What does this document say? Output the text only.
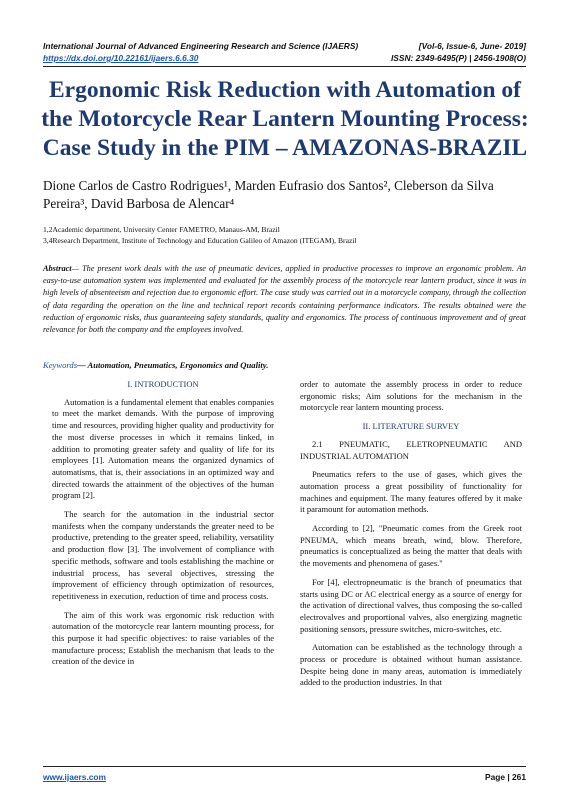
International Journal of Advanced Engineering Research and Science (IJAERS)	[Vol-6, Issue-6, June- 2019]
https://dx.doi.org/10.22161/ijaers.6.6.30	ISSN: 2349-6495(P) | 2456-1908(O)
Ergonomic Risk Reduction with Automation of the Motorcycle Rear Lantern Mounting Process: Case Study in the PIM – AMAZONAS-BRAZIL
Dione Carlos de Castro Rodrigues¹, Marden Eufrasio dos Santos², Cleberson da Silva Pereira³, David Barbosa de Alencar⁴
1,2Academic department, University Center FAMETRO, Manaus-AM, Brazil
3,4Research Department, Institute of Technology and Education Galileo of Amazon (ITEGAM), Brazil
Abstract— The present work deals with the use of pneumatic devices, applied in productive processes to improve an ergonomic problem. An easy-to-use automation system was implemented and evaluated for the assembly process of the motorcycle rear lantern product, since it was in high levels of absenteeism and rejection due to ergonomic effort. The case study was carried out in a motorcycle company, through the collection of data regarding the operation on the line and technical report records containing performance indicators. The results obtained were the reduction of ergonomic risks, thus guaranteeing safety standards, quality and ergonomics. The process of continuous improvement and of great relevance for both the company and the employees involved.
Keywords— Automation, Pneumatics, Ergonomics and Quality.
I. INTRODUCTION

Automation is a fundamental element that enables companies to meet the market demands. With the purpose of improving time and resources, providing higher quality and productivity for the most diverse processes in which it remains linked, in addition to promoting greater safety and quality of life for its employees [1]. Automation means the organized dynamics of automatisms, that is, their associations in an optimized way and directed towards the attainment of the objectives of the human program [2].

The search for the automation in the industrial sector manifests when the company understands the greater need to be productive, pretending to the greater speed, reliability, versatility and production flow [3]. The involvement of compliance with specific methods, software and tools establishing the machine or industrial process, has several objectives, stressing the improvement of efficiency through optimization of resources, repetitiveness in execution, reduction of time and process costs.

The aim of this work was ergonomic risk reduction with automation of the motorcycle rear lantern mounting process, for this purpose it had specific objectives: to raise variables of the manufacture process; Establish the mechanism that leads to the creation of the device in

order to automate the assembly process in order to reduce ergonomic risks; Aim solutions for the mechanism in the motorcycle rear lantern mounting process.

II. LITERATURE SURVEY
2.1 PNEUMATIC, ELETROPNEUMATIC AND INDUSTRIAL AUTOMATION

Pneumatics refers to the use of gases, which gives the automation process a great possibility of functionality for machines and equipment. The many features offered by it make it paramount for automation methods.

According to [2], "Pneumatic comes from the Greek root PNEUMA, which means breath, wind, blow. Therefore, pneumatics is conceptualized as being the matter that deals with the movements and phenomena of gases."

For [4], electropneumatic is the branch of pneumatics that starts using DC or AC electrical energy as a source of energy for the activation of directional valves, thus composing the so-called electrovalves and proportional valves, also energizing magnetic positioning sensors, pressure switches, micro-switches, etc.

Automation can be established as the technology through a process or procedure is obtained without human assistance. Despite being done in many areas, automation is immediately added to the production industries. In that

www.ijaers.com	Page | 261
